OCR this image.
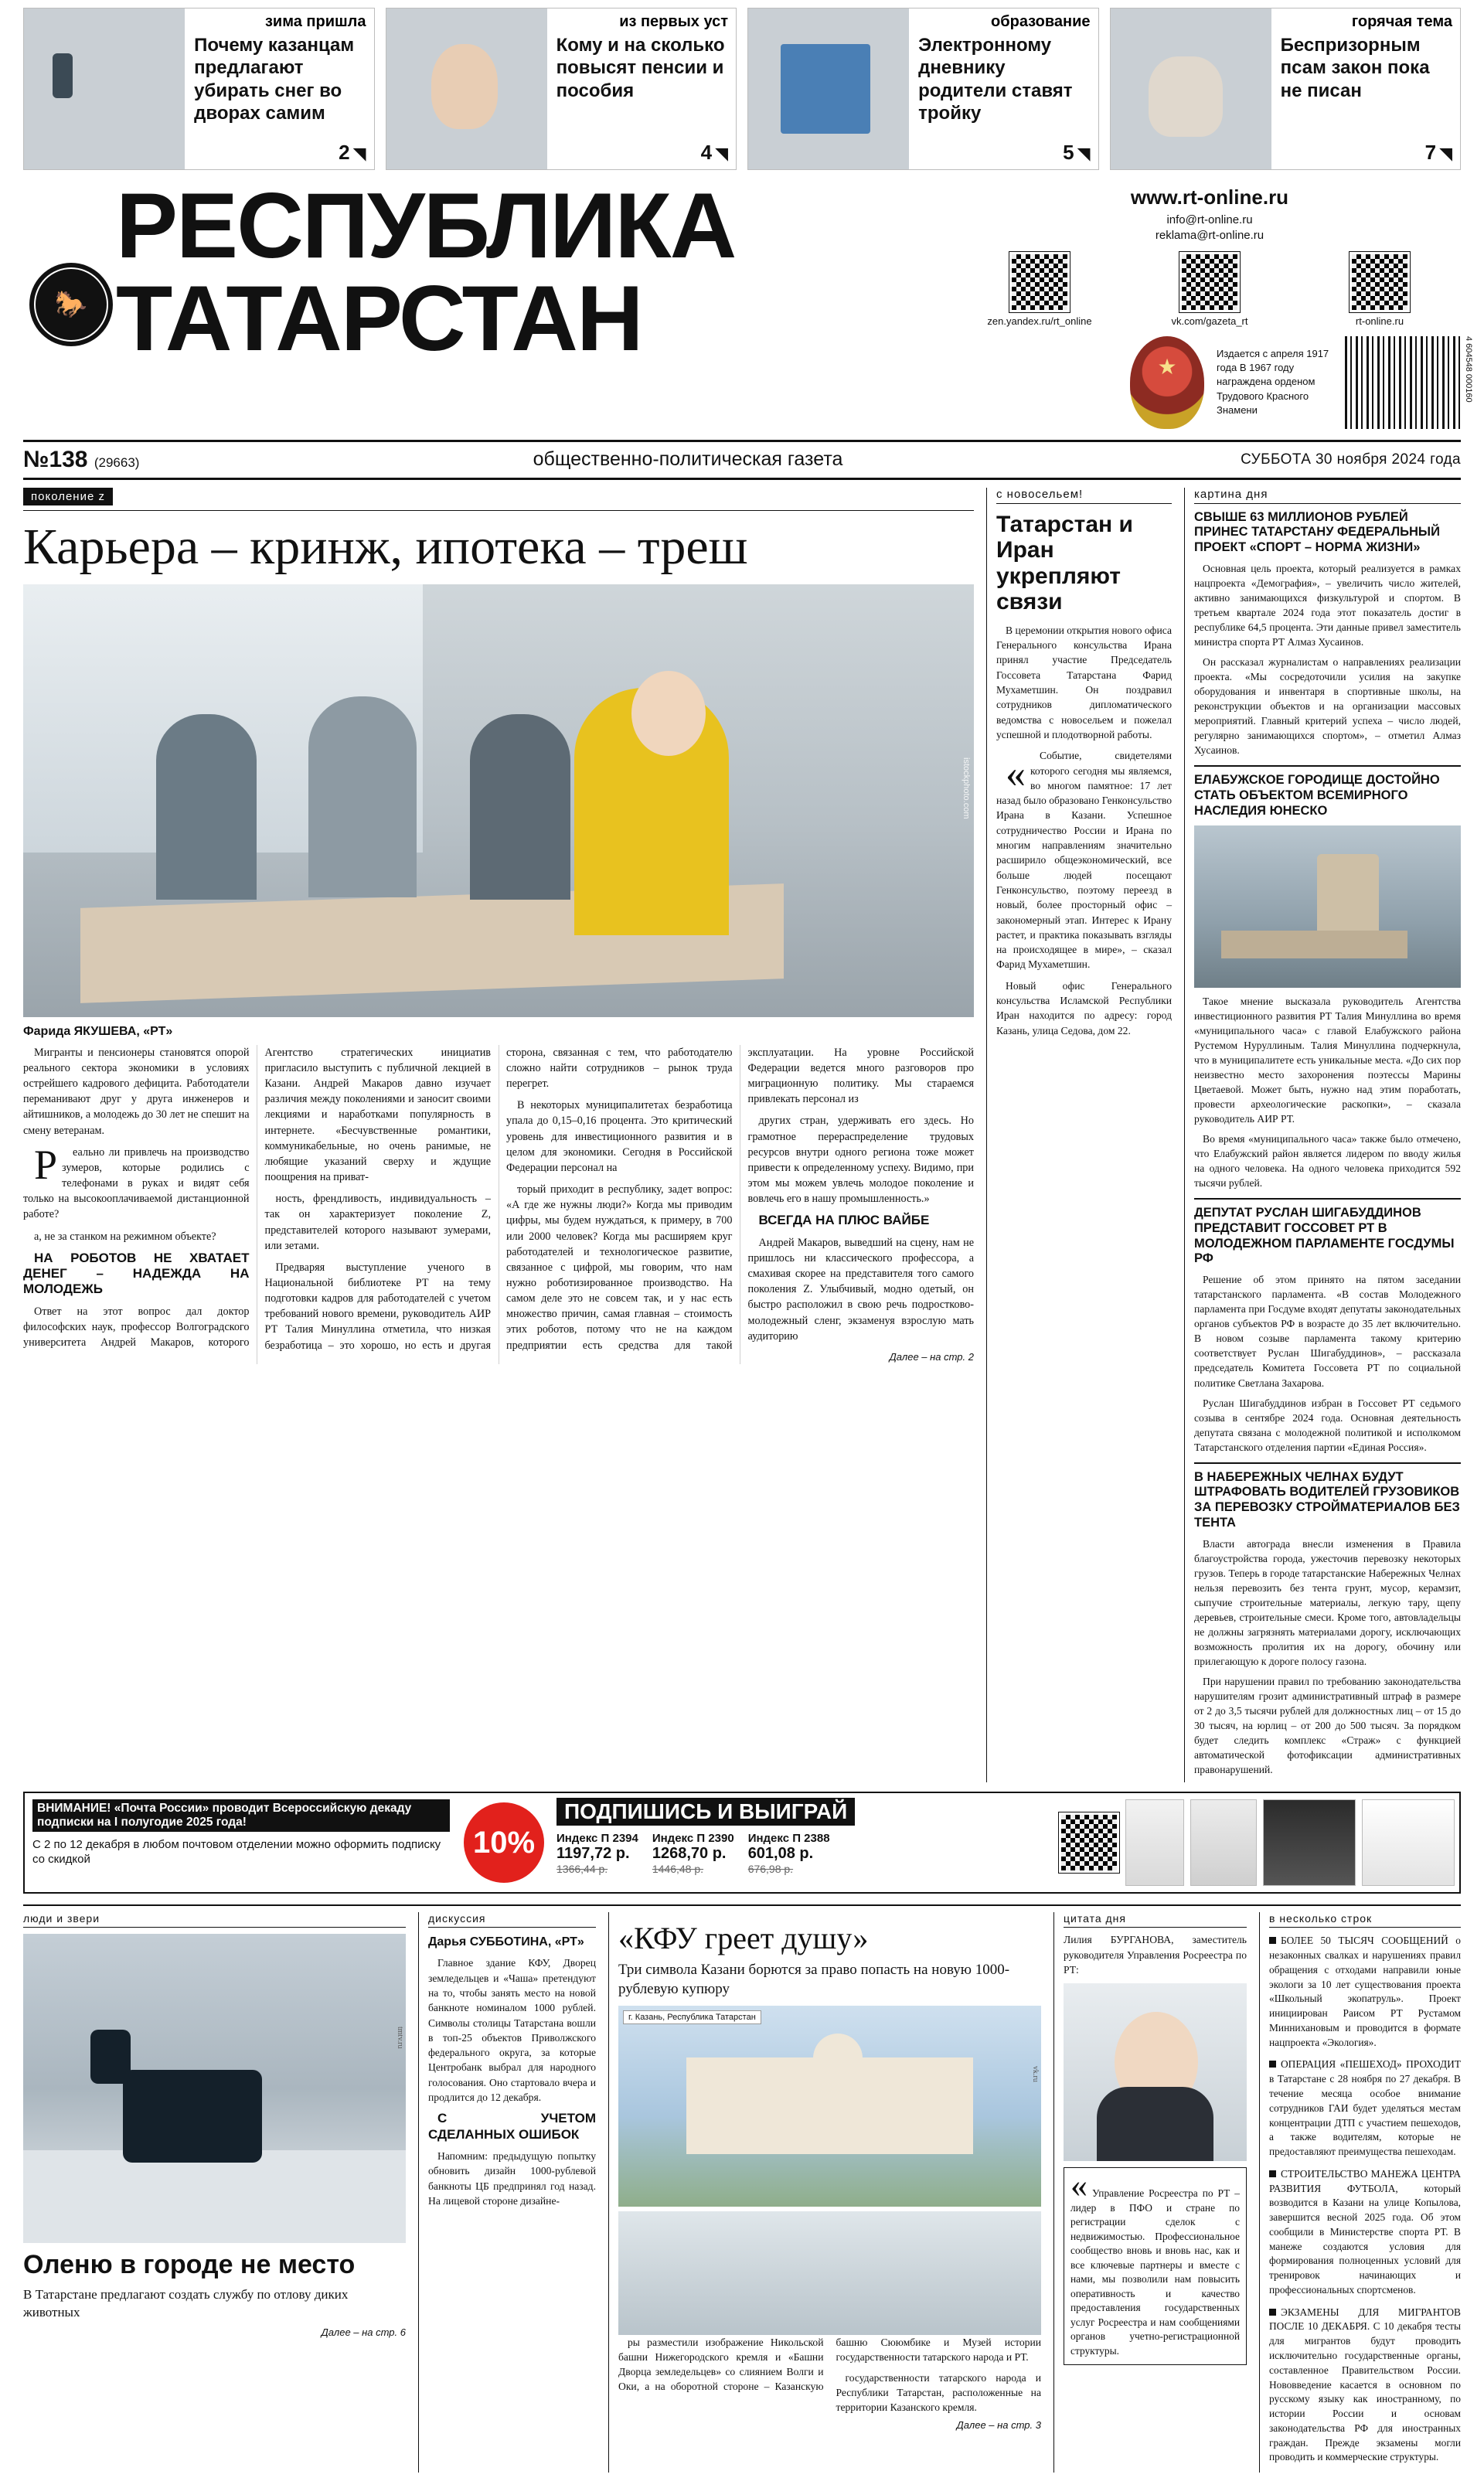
зима пришла
Почему казанцам предлагают убирать снег во дворах самим
2 ◥
из первых уст
Кому и на сколько повысят пенсии и пособия
4 ◥
образование
Электронному дневнику родители ставят тройку
5 ◥
горячая тема
Беспризорным псам закон пока не писан
7 ◥
🐎
РЕСПУБЛИКА
ТАТАРСТАН
www.rt-online.ru
info@rt-online.ru
reklama@rt-online.ru
zen.yandex.ru/rt_online	vk.com/gazeta_rt	rt-online.ru
★
Издается с апреля 1917 года В 1967 году награждена орденом Трудового Красного Знамени
4 604548 000160
№138 (29663)	общественно-политическая газета	СУББОТА 30 ноября 2024 года
поколение z
Карьера – кринж, ипотека – треш
istockphoto.com
Фарида ЯКУШЕВА, «РТ»

Мигранты и пенсионеры становятся опорой реального сектора экономики в условиях острейшего кадрового дефицита. Работодатели переманивают друг у друга инженеров и айтишников, а молодежь до 30 лет не спешит на смену ветеранам.

Реально ли привлечь на производство зумеров, которые родились с телефонами в руках и видят себя только на высокооплачиваемой дистанционной работе?

а, не за станком на режимном объекте?

НА РОБОТОВ НЕ ХВАТАЕТ ДЕНЕГ – НАДЕЖДА НА МОЛОДЕЖЬ

Ответ на этот вопрос дал доктор философских наук, профессор Волгоградского университета Андрей Макаров, которого Агентство стратегических инициатив пригласило выступить с публичной лекцией в Казани. Андрей Макаров давно изучает различия между поколениями и заносит своими лекциями и наработками популярность в интернете. «Бесчувственные романтики, коммуникабельные, но очень ранимые, не любящие указаний сверху и ждущие поощрения на приват-

ность, френдливость, индивидуальность – так он характеризует поколение Z, представителей которого называют зумерами, или зетами.

Предваряя выступление ученого в Национальной библиотеке РТ на тему подготовки кадров для работодателей с учетом требований нового времени, руководитель АИР РТ Талия Минуллина отметила, что низкая безработица – это хорошо, но есть и другая сторона, связанная с тем, что работодателю сложно найти сотрудников – рынок труда перегрет.

В некоторых муниципалитетах безработица упала до 0,15–0,16 процента. Это критический уровень для инвестиционного развития и в целом для экономики. Сегодня в Российской Федерации персонал на

торый приходит в республику, задет вопрос: «А где же нужны люди?» Когда мы приводим цифры, мы будем нуждаться, к примеру, в 700 или 2000 человек? Когда мы расширяем круг работодателей и технологическое развитие, связанное с цифрой, мы говорим, что нам нужно роботизированное производство. На самом деле это не совсем так, и у нас есть множество причин, самая главная – стоимость этих роботов, потому что не на каждом предприятии есть средства для такой эксплуатации. На уровне Российской Федерации ведется много разговоров про миграционную политику. Мы стараемся привлекать персонал из

других стран, удерживать его здесь. Но грамотное перераспределение трудовых ресурсов внутри одного региона тоже может привести к определенному успеху. Видимо, при этом мы можем увлечь молодое поколение и вовлечь его в нашу промышленность.»

ВСЕГДА НА ПЛЮС ВАЙБЕ

Андрей Макаров, выведший на сцену, нам не пришлось ни классического профессора, а смахивая скорее на представителя того самого поколения Z. Улыбчивый, модно одетый, он быстро расположил в свою речь подростково-молодежный сленг, экзаменуя взрослую мать аудиторию

Далее – на стр. 2

с новосельем!
Татарстан и Иран укрепляют связи

В церемонии открытия нового офиса Генерального консульства Ирана принял участие Председатель Госсовета Татарстана Фарид Мухаметшин. Он поздравил сотрудников дипломатического ведомства с новосельем и пожелал успешной и плодотворной работы.

«	Событие, свидетелями которого сегодня мы являемся, во многом памятное: 17 лет назад было образовано Генконсульство Ирана в Казани. Успешное сотрудничество России и Ирана по многим направлениям значительно расширило общеэкономический, все больше людей посещают Генконсульство, поэтому переезд в новый, более просторный офис – закономерный этап. Интерес к Ирану растет, и практика показывать взгляды на происходящее в мире», – сказал Фарид Мухаметшин.

Новый офис Генерального консульства Исламской Республики Иран находится по адресу: город Казань, улица Седова, дом 22.

картина дня
СВЫШЕ 63 МИЛЛИОНОВ РУБЛЕЙ ПРИНЕС ТАТАРСТАНУ ФЕДЕРАЛЬНЫЙ ПРОЕКТ «СПОРТ – НОРМА ЖИЗНИ»

Основная цель проекта, который реализуется в рамках нацпроекта «Демография», – увеличить число жителей, активно занимающихся физкультурой и спортом. В третьем квартале 2024 года этот показатель достиг в республике 64,5 процента. Эти данные привел заместитель министра спорта РТ Алмаз Хусаинов.

Он рассказал журналистам о направлениях реализации проекта. «Мы сосредоточили усилия на закупке оборудования и инвентаря в спортивные школы, на реконструкции объектов и на организации массовых мероприятий. Главный критерий успеха – число людей, регулярно занимающихся спортом», – отметил Алмаз Хусаинов.

ЕЛАБУЖСКОЕ ГОРОДИЩЕ ДОСТОЙНО СТАТЬ ОБЪЕКТОМ ВСЕМИРНОГО НАСЛЕДИЯ ЮНЕСКО

Такое мнение высказала руководитель Агентства инвестиционного развития РТ Талия Минуллина во время «муниципального часа» с главой Елабужского района Рустемом Нуруллиным. Талия Минуллина подчеркнула, что в муниципалитете есть уникальные места. «До сих пор неизвестно место захоронения поэтессы Марины Цветаевой. Может быть, нужно над этим поработать, провести археологические раскопки», – сказала руководитель АИР РТ.

Во время «муниципального часа» также было отмечено, что Елабужский район является лидером по вводу жилья на одного человека. На одного человека приходится 592 тысячи рублей.

ДЕПУТАТ РУСЛАН ШИГАБУДДИНОВ ПРЕДСТАВИТ ГОССОВЕТ РТ В МОЛОДЕЖНОМ ПАРЛАМЕНТЕ ГОСДУМЫ РФ

Решение об этом принято на пятом заседании татарстанского парламента. «В состав Молодежного парламента при Госдуме входят депутаты законодательных органов субъектов РФ в возрасте до 35 лет включительно. В новом созыве парламента такому критерию соответствует Руслан Шигабуддинов», – рассказала председатель Комитета Госсовета РТ по социальной политике Светлана Захарова.

Руслан Шигабуддинов избран в Госсовет РТ седьмого созыва в сентябре 2024 года. Основная деятельность депутата связана с молодежной политикой и исполкомом Татарстанского отделения партии «Единая Россия».

В НАБЕРЕЖНЫХ ЧЕЛНАХ БУДУТ ШТРАФОВАТЬ ВОДИТЕЛЕЙ ГРУЗОВИКОВ ЗА ПЕРЕВОЗКУ СТРОЙМАТЕРИАЛОВ БЕЗ ТЕНТА

Власти автограда внесли изменения в Правила благоустройства города, ужесточив перевозку некоторых грузов. Теперь в городе татарстанские Набережных Челнах нельзя перевозить без тента грунт, мусор, керамзит, сыпучие строительные материалы, легкую тару, щепу деревьев, строительные смеси. Кроме того, автовладельцы не должны загрязнять материалами дорогу, исключающих возможность пролития их на дорогу, обочину или прилегающую к дороге полосу газона.

При нарушении правил по требованию законодательства нарушителям грозит административный штраф в размере от 2 до 3,5 тысячи рублей для должностных лиц – от 15 до 30 тысяч, на юрлиц – от 200 до 500 тысяч. За порядком будет следить комплекс «Страж» с функцией автоматической фотофиксации административных правонарушений.

ВНИМАНИЕ! «Почта России» проводит Всероссийскую декаду подписки на I полугодие 2025 года!
С 2 по 12 декабря в любом почтовом отделении можно оформить подписку со скидкой	10%
ПОДПИШИСЬ И ВЫИГРАЙ
Индекс П 2394
1197,72 р.
1366,44 р.
Индекс П 2390
1268,70 р.
1446,48 р.
Индекс П 2388
601,08 р.
676,98 р.
люди и звери
tmtv.ru
Оленю в городе не место
В Татарстане предлагают создать службу по отлову диких животных
Далее – на стр. 6
дискуссия
Дарья СУББОТИНА, «РТ»

Главное здание КФУ, Дворец земледельцев и «Чаша» претендуют на то, чтобы занять место на новой банкноте номиналом 1000 рублей. Символы столицы Татарстана вошли в топ-25 объектов Приволжского федерального округа, за которые Центробанк выбрал для народного голосования. Оно стартовало вчера и продлится до 12 декабря.

С УЧЕТОМ СДЕЛАННЫХ ОШИБОК

Напомним: предыдущую попытку обновить дизайн 1000-рублевой банкноты ЦБ предпринял год назад. На лицевой стороне дизайне-

«КФУ греет душу»
Три символа Казани борются за право попасть на новую 1000-рублевую купюру
г. Казань, Республика Татарстан
vk.ru

ры разместили изображение Никольской башни Нижегородского кремля и «Башни Дворца земледельцев» со слиянием Волги и Оки, а на оборотной стороне – Казанскую башню Сююмбике и Музей истории государственности татарского народа и РТ.

государственности татарского народа и Республики Татарстан, расположенные на территории Казанского кремля.

Далее – на стр. 3
цитата дня

Лилия БУРГАНОВА, заместитель руководителя Управления Росреестра по РТ:

« Управление Росреестра по РТ – лидер в ПФО и стране по регистрации сделок с недвижимостью. Профессиональное сообщество вновь и вновь нас, как и все ключевые партнеры и вместе с нами, мы позволили нам повысить оперативность и качество предоставления государственных услуг Росреестра и нам сообщениями органов учетно-регистрационной структуры.
в несколько строк
БОЛЕЕ 50 ТЫСЯЧ СООБЩЕНИЙ о незаконных свалках и нарушениях правил обращения с отходами направили юные экологи за 10 лет существования проекта «Школьный экопатруль». Проект инициирован Раисом РТ Рустамом Миннихановым и проводится в формате нацпроекта «Экология».
ОПЕРАЦИЯ «ПЕШЕХОД» ПРОХОДИТ в Татарстане с 28 ноября по 27 декабря. В течение месяца особое внимание сотрудников ГАИ будет уделяться местам концентрации ДТП с участием пешеходов, а также водителям, которые не предоставляют преимущества пешеходам.
СТРОИТЕЛЬСТВО МАНЕЖА ЦЕНТРА РАЗВИТИЯ ФУТБОЛА, который возводится в Казани на улице Копылова, завершится весной 2025 года. Об этом сообщили в Министерстве спорта РТ. В манеже создаются условия для формирования полноценных условий для тренировок начинающих и профессиональных спортсменов.
ЭКЗАМЕНЫ ДЛЯ МИГРАНТОВ ПОСЛЕ 10 ДЕКАБРЯ. С 10 декабря тесты для мигрантов будут проводить исключительно государственные органы, составленное Правительством России. Нововведение касается в основном по русскому языку как иностранному, по истории России и основам законодательства РФ для иностранных граждан. Прежде экзамены могли проводить и коммерческие структуры.
